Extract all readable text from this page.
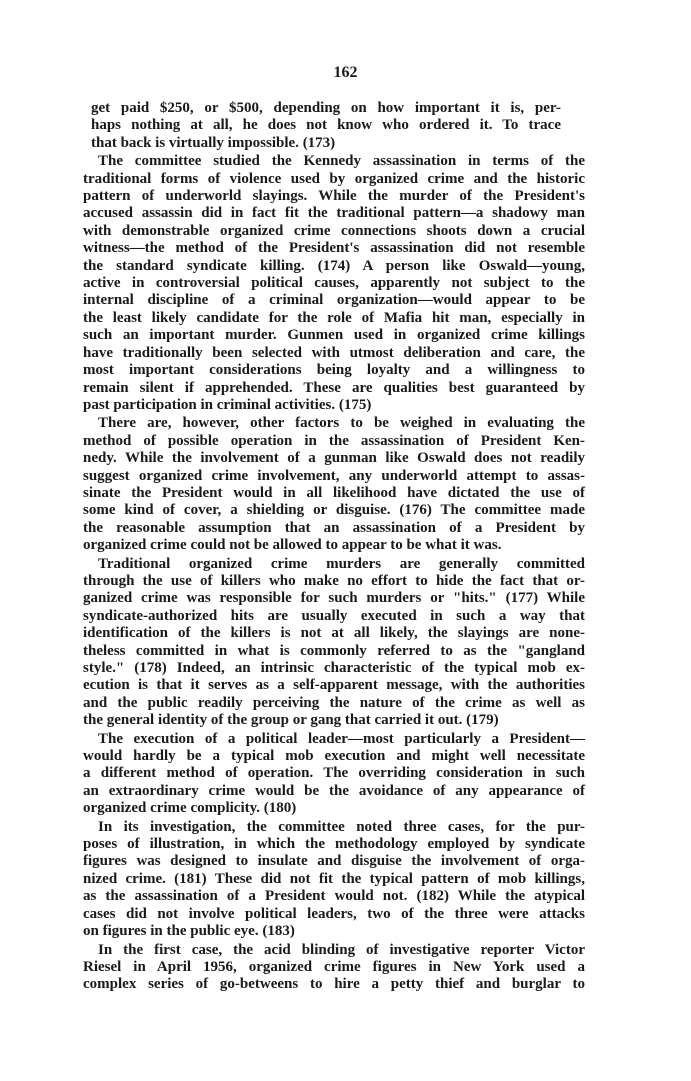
162
get paid $250, or $500, depending on how important it is, per-
haps nothing at all, he does not know who ordered it. To trace
that back is virtually impossible. (173)
The committee studied the Kennedy assassination in terms of the
traditional forms of violence used by organized crime and the historic
pattern of underworld slayings. While the murder of the President's
accused assassin did in fact fit the traditional pattern—a shadowy man
with demonstrable organized crime connections shoots down a crucial
witness—the method of the President's assassination did not resemble
the standard syndicate killing. (174) A person like Oswald—young,
active in controversial political causes, apparently not subject to the
internal discipline of a criminal organization—would appear to be
the least likely candidate for the role of Mafia hit man, especially in
such an important murder. Gunmen used in organized crime killings
have traditionally been selected with utmost deliberation and care, the
most important considerations being loyalty and a willingness to
remain silent if apprehended. These are qualities best guaranteed by
past participation in criminal activities. (175)
There are, however, other factors to be weighed in evaluating the
method of possible operation in the assassination of President Ken-
nedy. While the involvement of a gunman like Oswald does not readily
suggest organized crime involvement, any underworld attempt to assas-
sinate the President would in all likelihood have dictated the use of
some kind of cover, a shielding or disguise. (176) The committee made
the reasonable assumption that an assassination of a President by
organized crime could not be allowed to appear to be what it was.
Traditional organized crime murders are generally committed
through the use of killers who make no effort to hide the fact that or-
ganized crime was responsible for such murders or "hits." (177) While
syndicate-authorized hits are usually executed in such a way that
identification of the killers is not at all likely, the slayings are none-
theless committed in what is commonly referred to as the "gangland
style." (178) Indeed, an intrinsic characteristic of the typical mob ex-
ecution is that it serves as a self-apparent message, with the authorities
and the public readily perceiving the nature of the crime as well as
the general identity of the group or gang that carried it out. (179)
The execution of a political leader—most particularly a President—
would hardly be a typical mob execution and might well necessitate
a different method of operation. The overriding consideration in such
an extraordinary crime would be the avoidance of any appearance of
organized crime complicity. (180)
In its investigation, the committee noted three cases, for the pur-
poses of illustration, in which the methodology employed by syndicate
figures was designed to insulate and disguise the involvement of orga-
nized crime. (181) These did not fit the typical pattern of mob killings,
as the assassination of a President would not. (182) While the atypical
cases did not involve political leaders, two of the three were attacks
on figures in the public eye. (183)
In the first case, the acid blinding of investigative reporter Victor
Riesel in April 1956, organized crime figures in New York used a
complex series of go-betweens to hire a petty thief and burglar to
